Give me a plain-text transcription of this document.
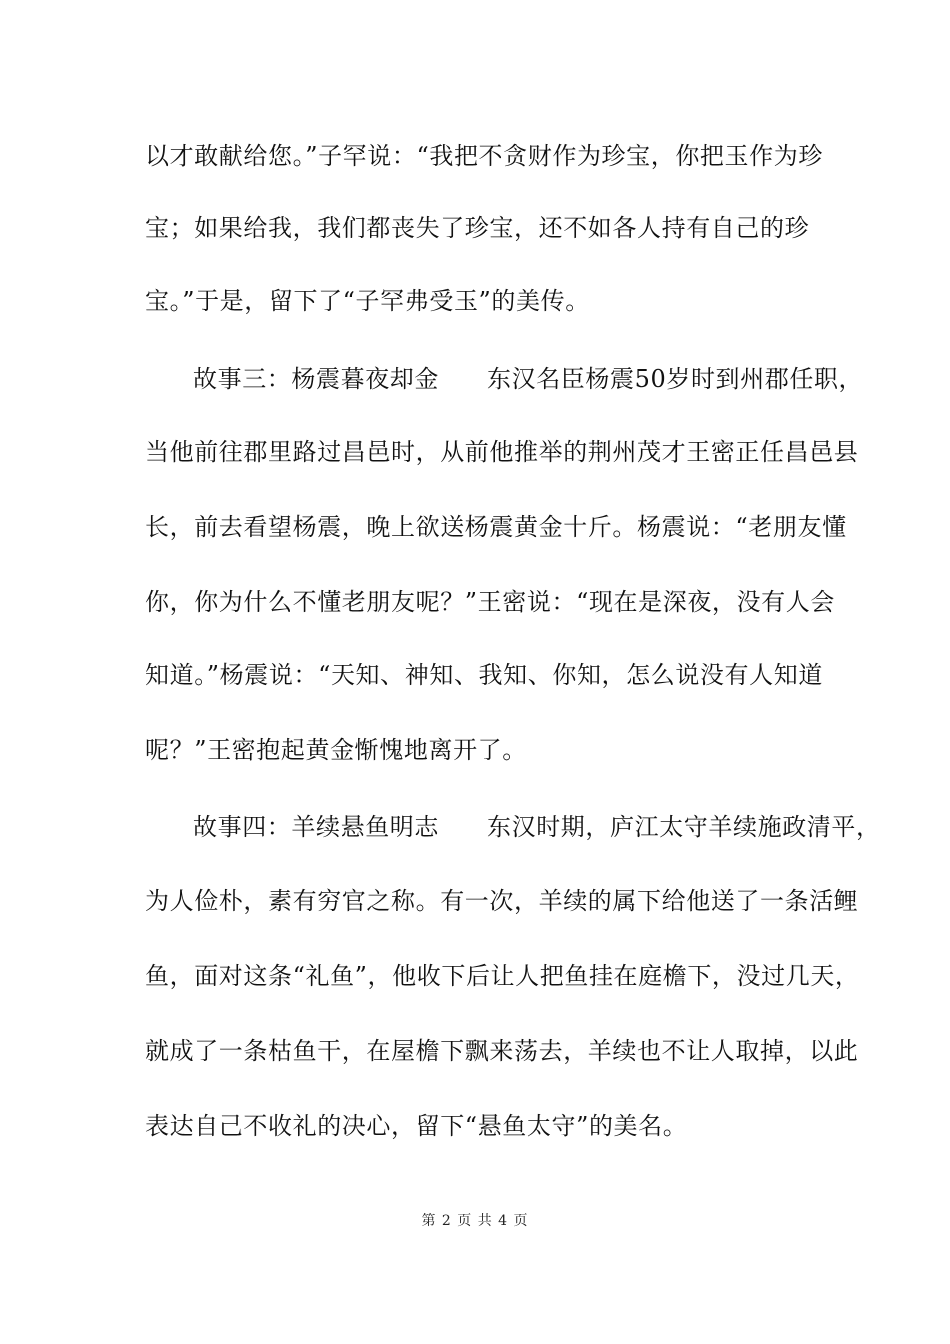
以才敢献给您。”子罕说：“我把不贪财作为珍宝，你把玉作为珍
宝；如果给我，我们都丧失了珍宝，还不如各人持有自己的珍
宝。”于是，留下了“子罕弗受玉”的美传。
故事三：杨震暮夜却金 东汉名臣杨震50岁时到州郡任职，
当他前往郡里路过昌邑时，从前他推举的荆州茂才王密正任昌邑县
长，前去看望杨震，晚上欲送杨震黄金十斤。杨震说：“老朋友懂
你，你为什么不懂老朋友呢？”王密说：“现在是深夜，没有人会
知道。”杨震说：“天知、神知、我知、你知，怎么说没有人知道
呢？”王密抱起黄金惭愧地离开了。
故事四：羊续悬鱼明志 东汉时期，庐江太守羊续施政清平，
为人俭朴，素有穷官之称。有一次，羊续的属下给他送了一条活鲤
鱼，面对这条“礼鱼”，他收下后让人把鱼挂在庭檐下，没过几天，
就成了一条枯鱼干，在屋檐下飘来荡去，羊续也不让人取掉，以此
表达自己不收礼的决心，留下“悬鱼太守”的美名。
第 2 页 共 4 页
